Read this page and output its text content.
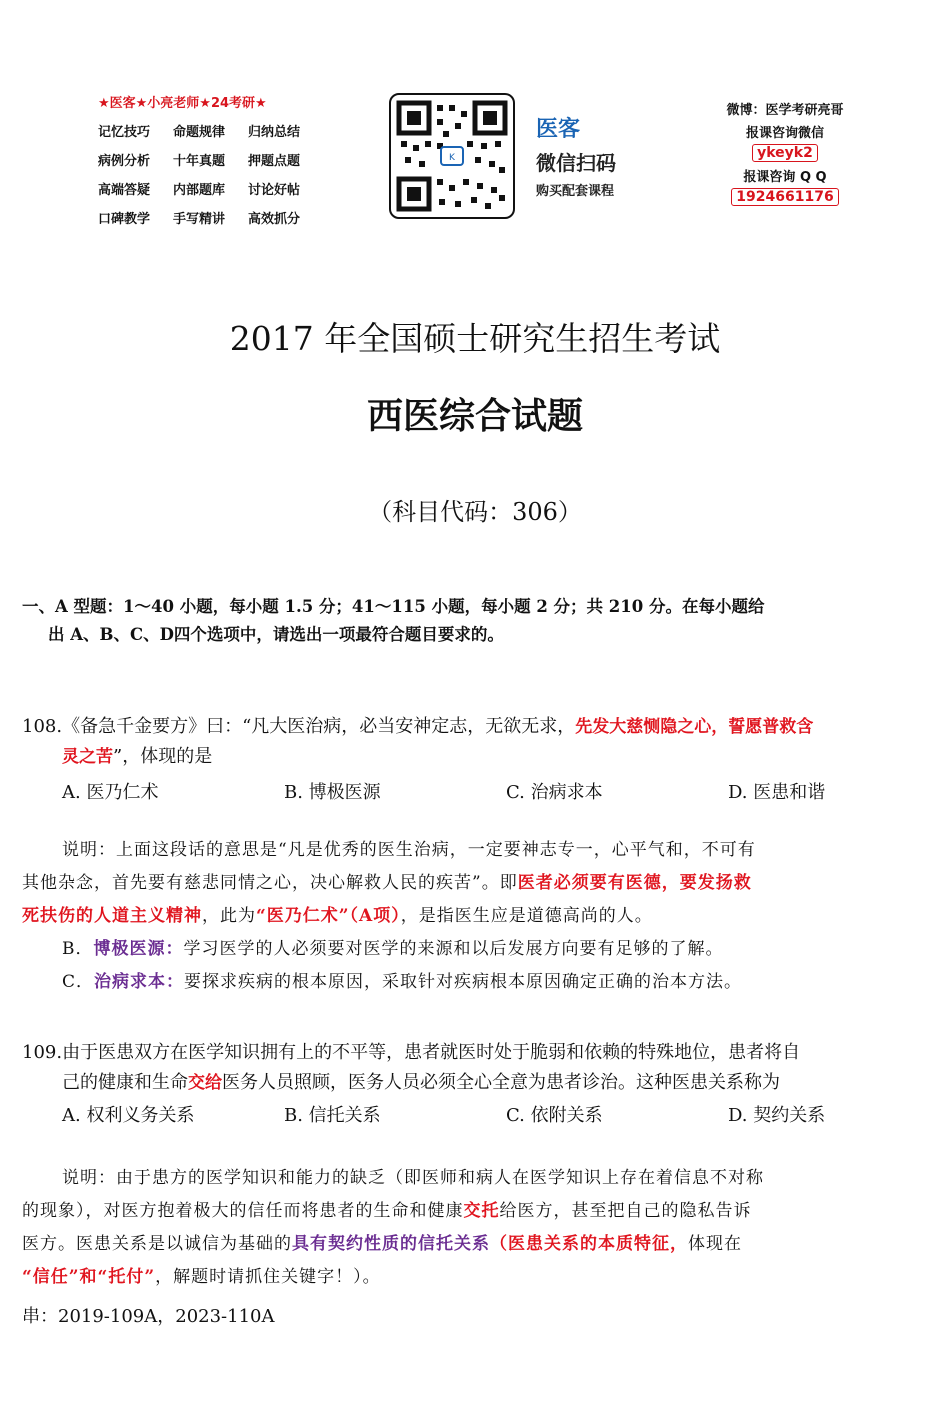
★医客★小亮老师★24考研★
记忆技巧 命题规律 归纳总结
病例分析 十年真题 押题点题
高端答疑 内部题库 讨论好帖
口碑教学 手写精讲 高效抓分
K
医客
微信扫码
购买配套课程
微博：医学考研亮哥
报课咨询微信
ykeyk2
报课咨询 Q Q
1924661176
2017 年全国硕士研究生招生考试
西医综合试题
（科目代码：306）
一、A 型题：1～40 小题，每小题 1.5 分；41～115 小题，每小题 2 分；共 210 分。在每小题给
出 A、B、C、D四个选项中，请选出一项最符合题目要求的。
108.《备急千金要方》曰：“凡大医治病，必当安神定志，无欲无求，先发大慈恻隐之心，誓愿普救含
灵之苦”，体现的是
A. 医乃仁术	B. 博极医源	C. 治病求本	D. 医患和谐
说明：上面这段话的意思是“凡是优秀的医生治病，一定要神志专一，心平气和，不可有
其他杂念，首先要有慈悲同情之心，决心解救人民的疾苦”。即医者必须要有医德，要发扬救
死扶伤的人道主义精神，此为“医乃仁术”（A项），是指医生应是道德高尚的人。
B．博极医源：学习医学的人必须要对医学的来源和以后发展方向要有足够的了解。
C．治病求本：要探求疾病的根本原因，采取针对疾病根本原因确定正确的治本方法。
109.由于医患双方在医学知识拥有上的不平等，患者就医时处于脆弱和依赖的特殊地位，患者将自
己的健康和生命交给医务人员照顾，医务人员必须全心全意为患者诊治。这种医患关系称为
A. 权利义务关系	B. 信托关系	C. 依附关系	D. 契约关系
说明：由于患方的医学知识和能力的缺乏（即医师和病人在医学知识上存在着信息不对称
的现象），对医方抱着极大的信任而将患者的生命和健康交托给医方，甚至把自己的隐私告诉
医方。医患关系是以诚信为基础的具有契约性质的信托关系（医患关系的本质特征，体现在
“信任”和“托付”，解题时请抓住关键字！）。
串：2019-109A，2023-110A
